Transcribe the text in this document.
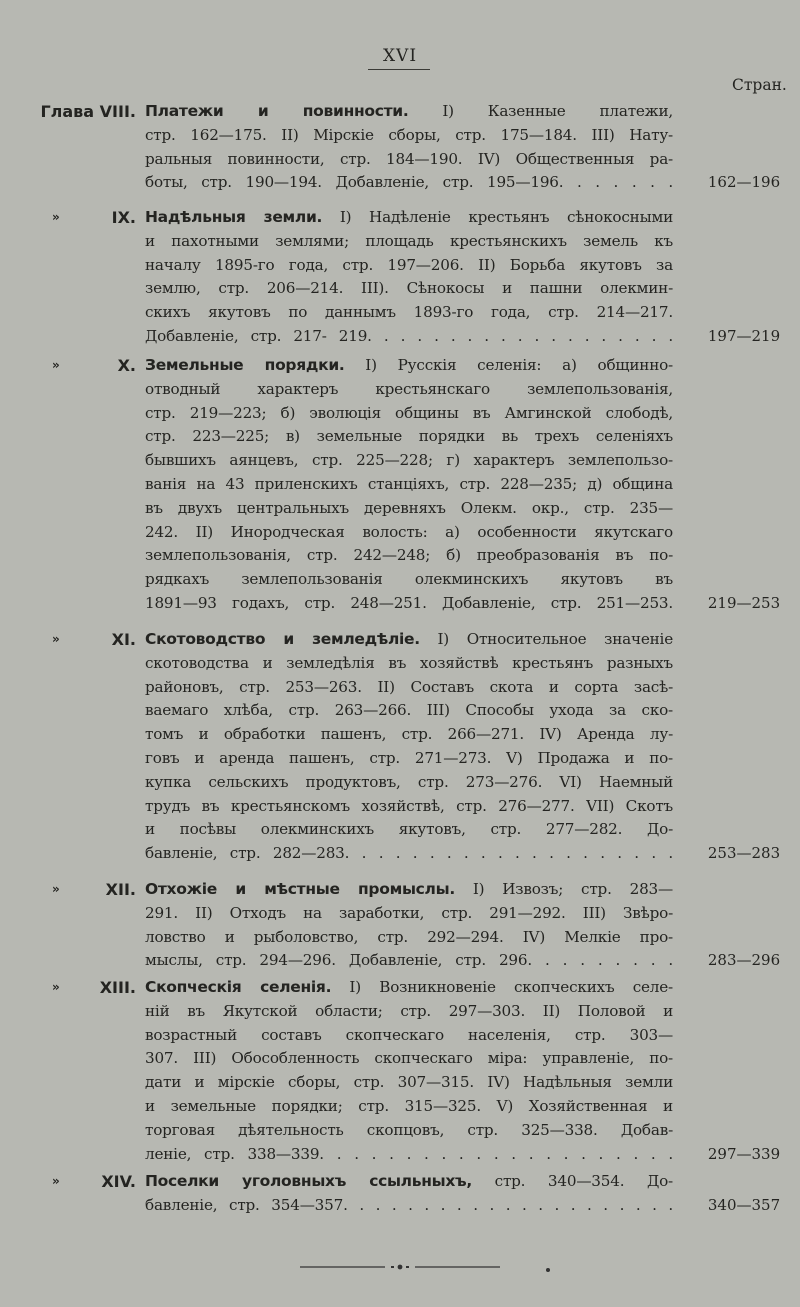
XVI
Стран.
Глава VIII. Платежи и повинности. I) Казенные платежи,
стр. 162—175. II) Мірскіе сборы, стр. 175—184. III) Нату-
ральныя повинности, стр. 184—190. IV) Общественныя ра-
боты, стр. 190—194. Добавленіе, стр. 195—196. . . . . . .	162—196
»	IX. Надѣльныя земли. I) Надѣленіе крестьянъ сѣнокосными
и пахотными землями; площадь крестьянскихъ земель къ
началу 1895-го года, стр. 197—206. II) Борьба якутовъ за
землю, стр. 206—214. III). Сѣнокосы и пашни олекмин-
скихъ якутовъ по даннымъ 1893-го года, стр. 214—217.
Добавленіе, стр. 217- 219. . . . . . . . . . . . . . . . . . .	197—219
»	X. Земельные порядки. I) Русскія селенія: а) общинно-
отводный характеръ крестьянскаго землепользованія,
стр. 219—223; б) эволюція общины въ Амгинской слободѣ,
стр. 223—225; в) земельные порядки вь трехъ селеніяхъ
бывшихъ аянцевъ, стр. 225—228; г) характеръ землепользо-
ванія на 43 приленскихъ станціяхъ, стр. 228—235; д) община
въ двухъ центральныхъ деревняхъ Олекм. окр., стр. 235—
242. II) Инородческая волость: а) особенности якутскаго
землепользованія, стр. 242—248; б) преобразованія въ по-
рядкахъ землепользованія олекминскихъ якутовъ въ
1891—93 годахъ, стр. 248—251. Добавленіе, стр. 251—253.	219—253
»	XI. Скотоводство и земледѣліе. I) Относительное значеніе
скотоводства и земледѣлія въ хозяйствѣ крестьянъ разныхъ
районовъ, стр. 253—263. II) Составъ скота и сорта засѣ-
ваемаго хлѣба, стр. 263—266. III) Способы ухода за ско-
томъ и обработки пашенъ, стр. 266—271. IV) Аренда лу-
говъ и аренда пашенъ, стр. 271—273. V) Продажа и по-
купка сельскихъ продуктовъ, стр. 273—276. VI) Наемный
трудъ въ крестьянскомъ хозяйствѣ, стр. 276—277. VII) Скотъ
и посѣвы олекминскихъ якутовъ, стр. 277—282. До-
бавленіе, стр. 282—283. . . . . . . . . . . . . . . . . . . .	253—283
»	XII. Отхожіе и мѣстные промыслы. I) Извозъ; стр. 283—
291. II) Отходъ на заработки, стр. 291—292. III) Звѣро-
ловство и рыболовство, стр. 292—294. IV) Мелкіе про-
мыслы, стр. 294—296. Добавленіе, стр. 296. . . . . . . . .	283—296
»	XIII. Скопческія селенія. I) Возникновеніе скопческихъ селе-
ній въ Якутской области; стр. 297—303. II) Половой и
возрастный составъ скопческаго населенія, стр. 303—
307. III) Обособленность скопческаго міра: управленіе, по-
дати и мірскіе сборы, стр. 307—315. IV) Надѣльныя земли
и земельные порядки; стр. 315—325. V) Хозяйственная и
торговая дѣятельность скопцовъ, стр. 325—338. Добав-
леніе, стр. 338—339. . . . . . . . . . . . . . . . . . . . .	297—339
»	XIV. Поселки уголовныхъ ссыльныхъ, стр. 340—354. До-
бавленіе, стр. 354—357. . . . . . . . . . . . . . . . . . . . .	340—357
